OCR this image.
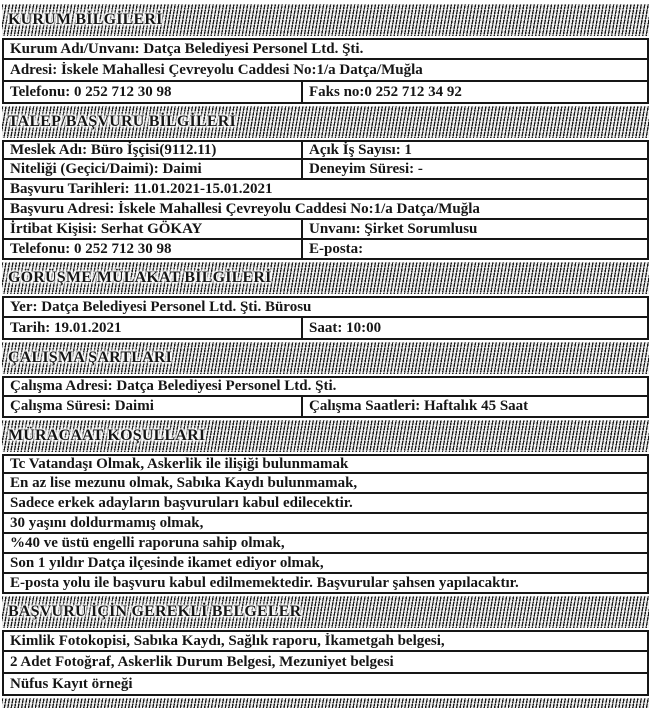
KURUM BİLGİLERİ
Kurum Adı/Unvanı: Datça Belediyesi Personel Ltd. Şti.
Adresi: İskele Mahallesi Çevreyolu Caddesi No:1/a Datça/Muğla
Telefonu: 0 252 712 30 98	Faks no:0 252 712 34 92
TALEP/BAŞVURU BİLGİLERİ
Meslek Adı: Büro İşçisi(9112.11)	Açık İş Sayısı: 1
Niteliği (Geçici/Daimi): Daimi	Deneyim Süresi: -
Başvuru Tarihleri: 11.01.2021-15.01.2021
Başvuru Adresi: İskele Mahallesi Çevreyolu Caddesi No:1/a Datça/Muğla
İrtibat Kişisi: Serhat GÖKAY	Unvanı: Şirket Sorumlusu
Telefonu: 0 252 712 30 98	E-posta:
GÖRÜŞME/MÜLAKAT BİLGİLERİ
Yer: Datça Belediyesi Personel Ltd. Şti. Bürosu
Tarih: 19.01.2021	Saat: 10:00
ÇALIŞMA ŞARTLARI
Çalışma Adresi: Datça Belediyesi Personel Ltd. Şti.
Çalışma Süresi: Daimi	Çalışma Saatleri: Haftalık 45 Saat
MÜRACAAT KOŞULLARI
Tc Vatandaşı Olmak, Askerlik ile ilişiği bulunmamak
En az lise mezunu olmak, Sabıka Kaydı bulunmamak,
Sadece erkek adayların başvuruları kabul edilecektir.
30 yaşını doldurmamış olmak,
%40 ve üstü engelli raporuna sahip olmak,
Son 1 yıldır Datça ilçesinde ikamet ediyor olmak,
E-posta yolu ile başvuru kabul edilmemektedir. Başvurular şahsen yapılacaktır.
BAŞVURU İÇİN GEREKLİ BELGELER
Kimlik Fotokopisi, Sabıka Kaydı, Sağlık raporu, İkametgah belgesi,
2 Adet Fotoğraf, Askerlik Durum Belgesi, Mezuniyet belgesi
Nüfus Kayıt örneği
